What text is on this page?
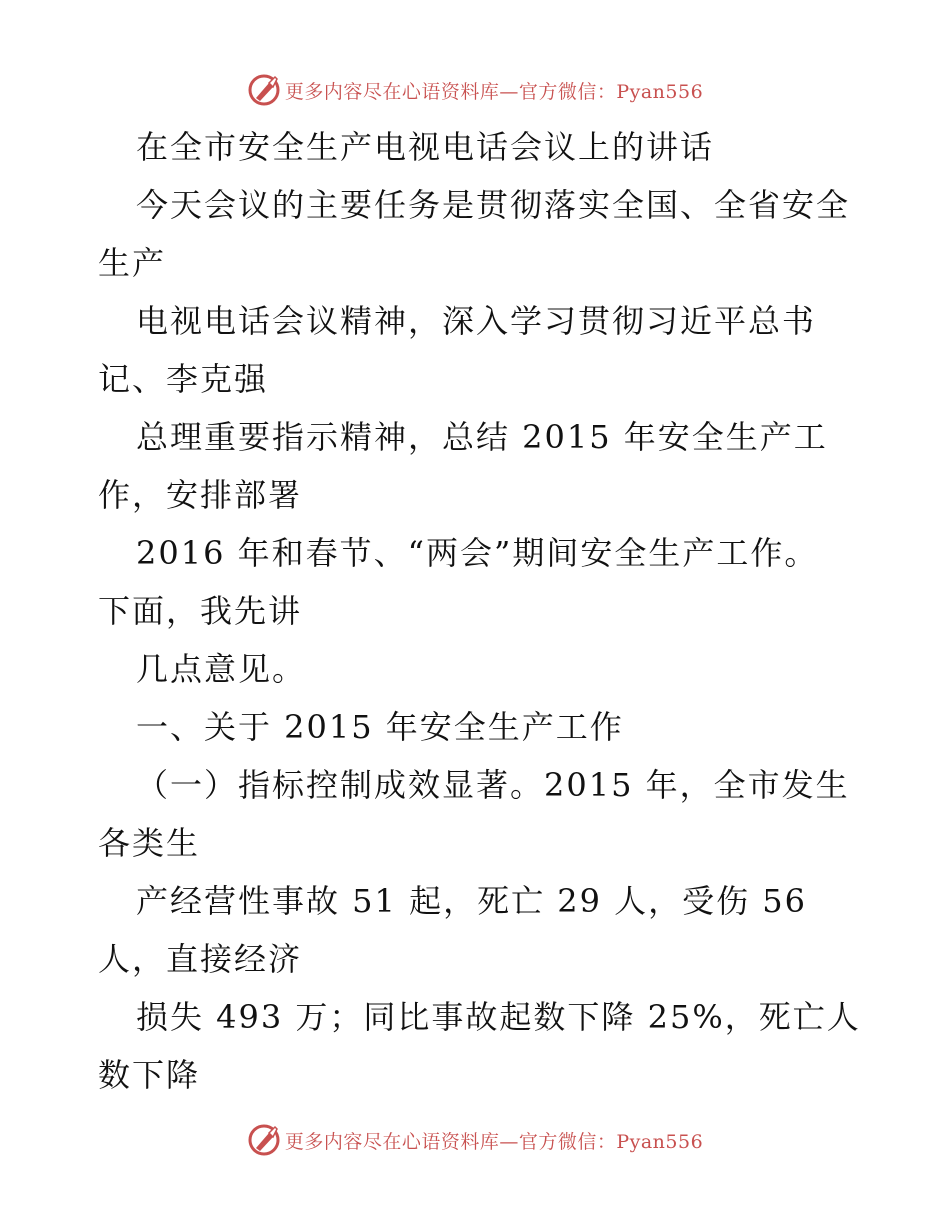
更多内容尽在心语资料库—官方微信：Pyan556
在全市安全生产电视电话会议上的讲话
今天会议的主要任务是贯彻落实全国、全省安全
生产
电视电话会议精神，深入学习贯彻习近平总书
记、李克强
总理重要指示精神，总结 2015 年安全生产工
作，安排部署
2016 年和春节、“两会”期间安全生产工作。
下面，我先讲
几点意见。
一、关于 2015 年安全生产工作
（一）指标控制成效显著。2015 年，全市发生
各类生
产经营性事故 51 起，死亡 29 人，受伤 56
人，直接经济
损失 493 万；同比事故起数下降 25%，死亡人
数下降
更多内容尽在心语资料库—官方微信：Pyan556
